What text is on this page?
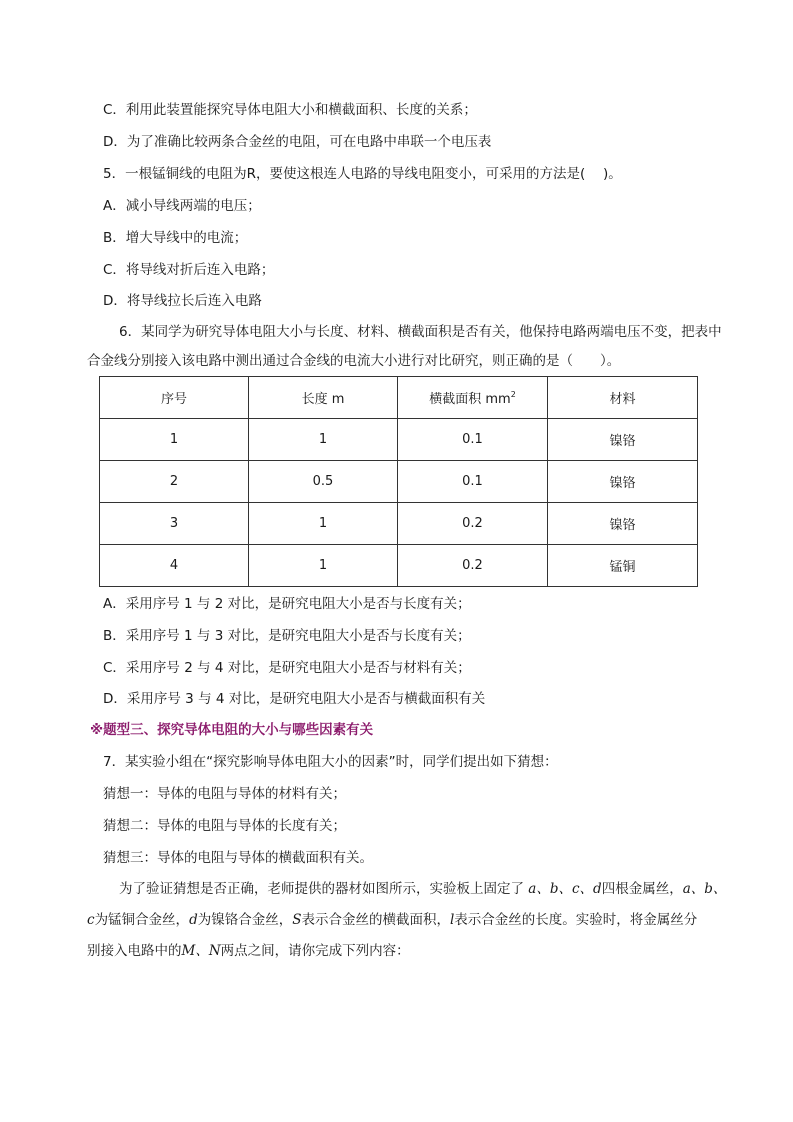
C．利用此装置能探究导体电阻大小和横截面积、长度的关系；
D．为了准确比较两条合金丝的电阻，可在电路中串联一个电压表
5．一根锰铜线的电阻为R，要使这根连人电路的导线电阻变小，可采用的方法是(　 )。
A．减小导线两端的电压；
B．增大导线中的电流；
C．将导线对折后连入电路；
D．将导线拉长后连入电路
6．某同学为研究导体电阻大小与长度、材料、横截面积是否有关，他保持电路两端电压不变，把表中
合金线分别接入该电路中测出通过合金线的电流大小进行对比研究，则正确的是（　　）。
序号	长度 m	横截面积 $mm^2$	材料
1	1	0.1	镍铬
2	0.5	0.1	镍铬
3	1	0.2	镍铬
4	1	0.2	锰铜
A．采用序号 1 与 2 对比，是研究电阻大小是否与长度有关；
B．采用序号 1 与 3 对比，是研究电阻大小是否与长度有关；
C．采用序号 2 与 4 对比，是研究电阻大小是否与材料有关；
D．采用序号 3 与 4 对比，是研究电阻大小是否与横截面积有关
※题型三、探究导体电阻的大小与哪些因素有关
7．某实验小组在“探究影响导体电阻大小的因素”时，同学们提出如下猜想：
猜想一：导体的电阻与导体的材料有关；
猜想二：导体的电阻与导体的长度有关；
猜想三：导体的电阻与导体的横截面积有关。
为了验证猜想是否正确，老师提供的器材如图所示，实验板上固定了 a、b、c、d四根金属丝，a、b、
c为锰铜合金丝，d为镍铬合金丝，S表示合金丝的横截面积，l表示合金丝的长度。实验时，将金属丝分
别接入电路中的M、N两点之间，请你完成下列内容：
